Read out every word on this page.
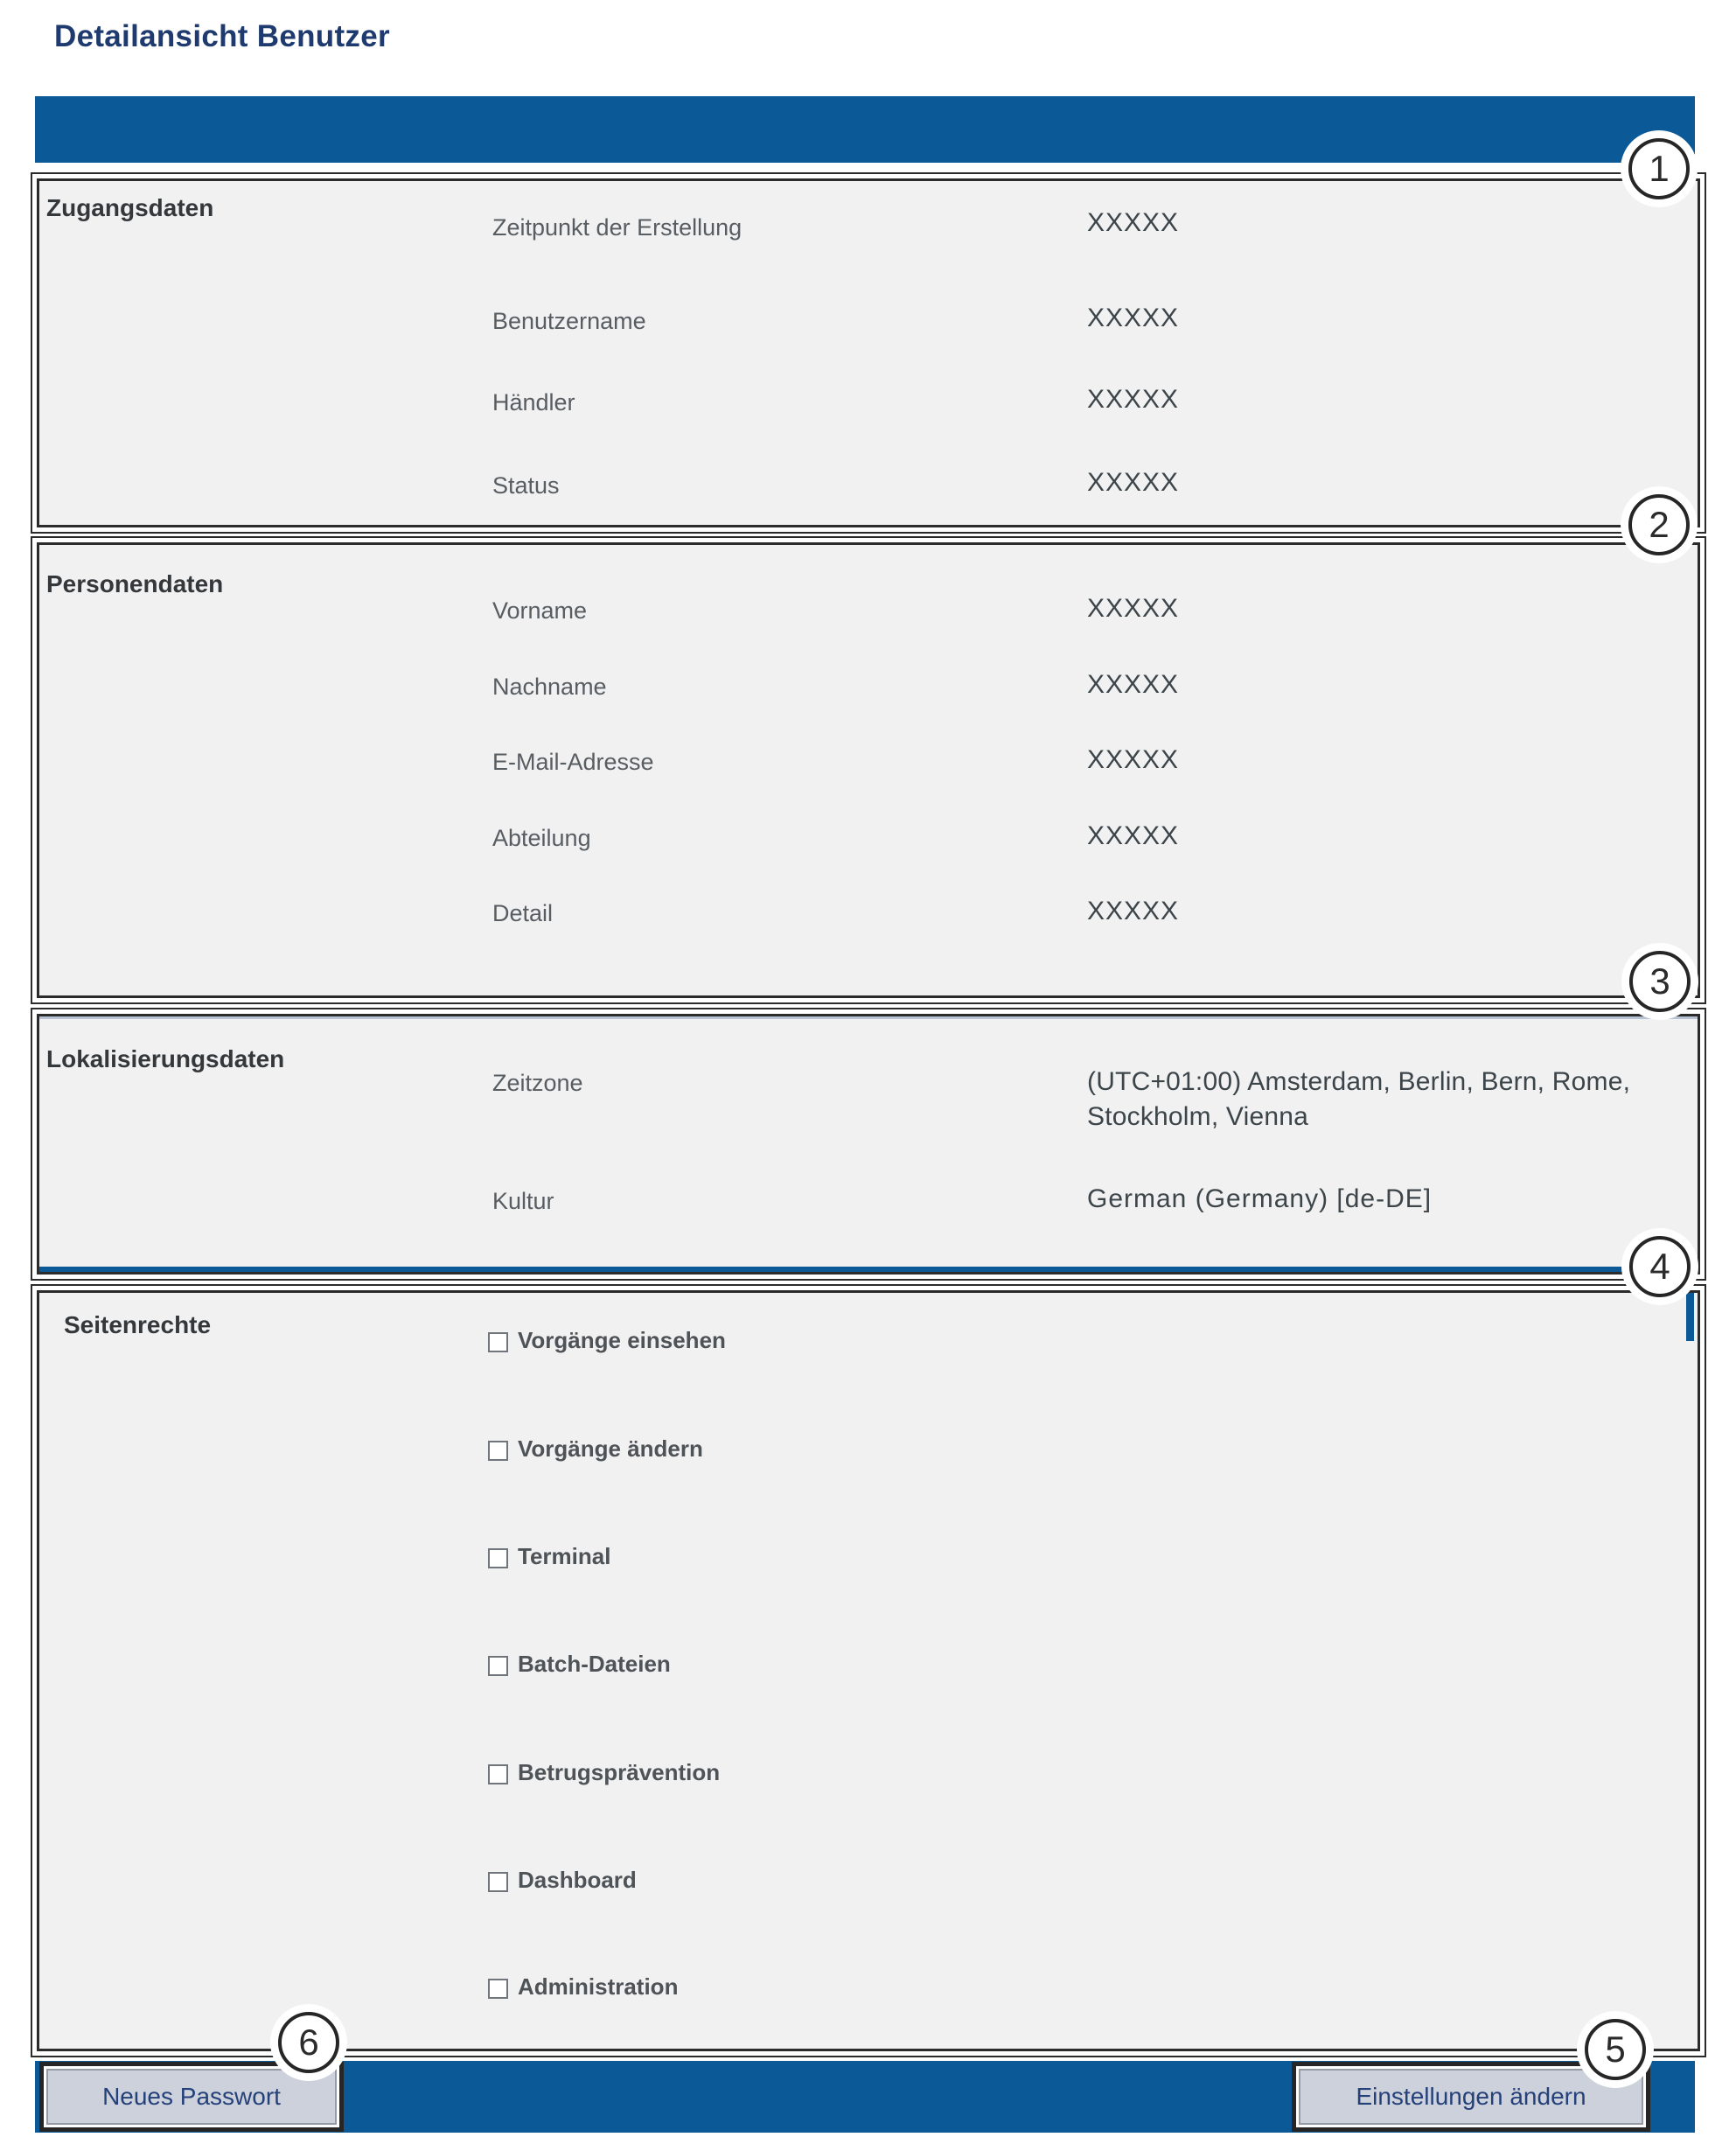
Detailansicht Benutzer
Zugangsdaten
Zeitpunkt der Erstellung	XXXXX
Benutzername	XXXXX
Händler	XXXXX
Status	XXXXX
Personendaten
Vorname	XXXXX
Nachname	XXXXX
E-Mail-Adresse	XXXXX
Abteilung	XXXXX
Detail	XXXXX
Lokalisierungsdaten
Zeitzone	(UTC+01:00) Amsterdam, Berlin, Bern, Rome, Stockholm, Vienna
Kultur	German (Germany) [de-DE]
Seitenrechte
Vorgänge einsehen
Vorgänge ändern
Terminal
Batch-Dateien
Betrugsprävention
Dashboard
Administration
Neues Passwort	Einstellungen ändern
1
2
3
4
5
6
